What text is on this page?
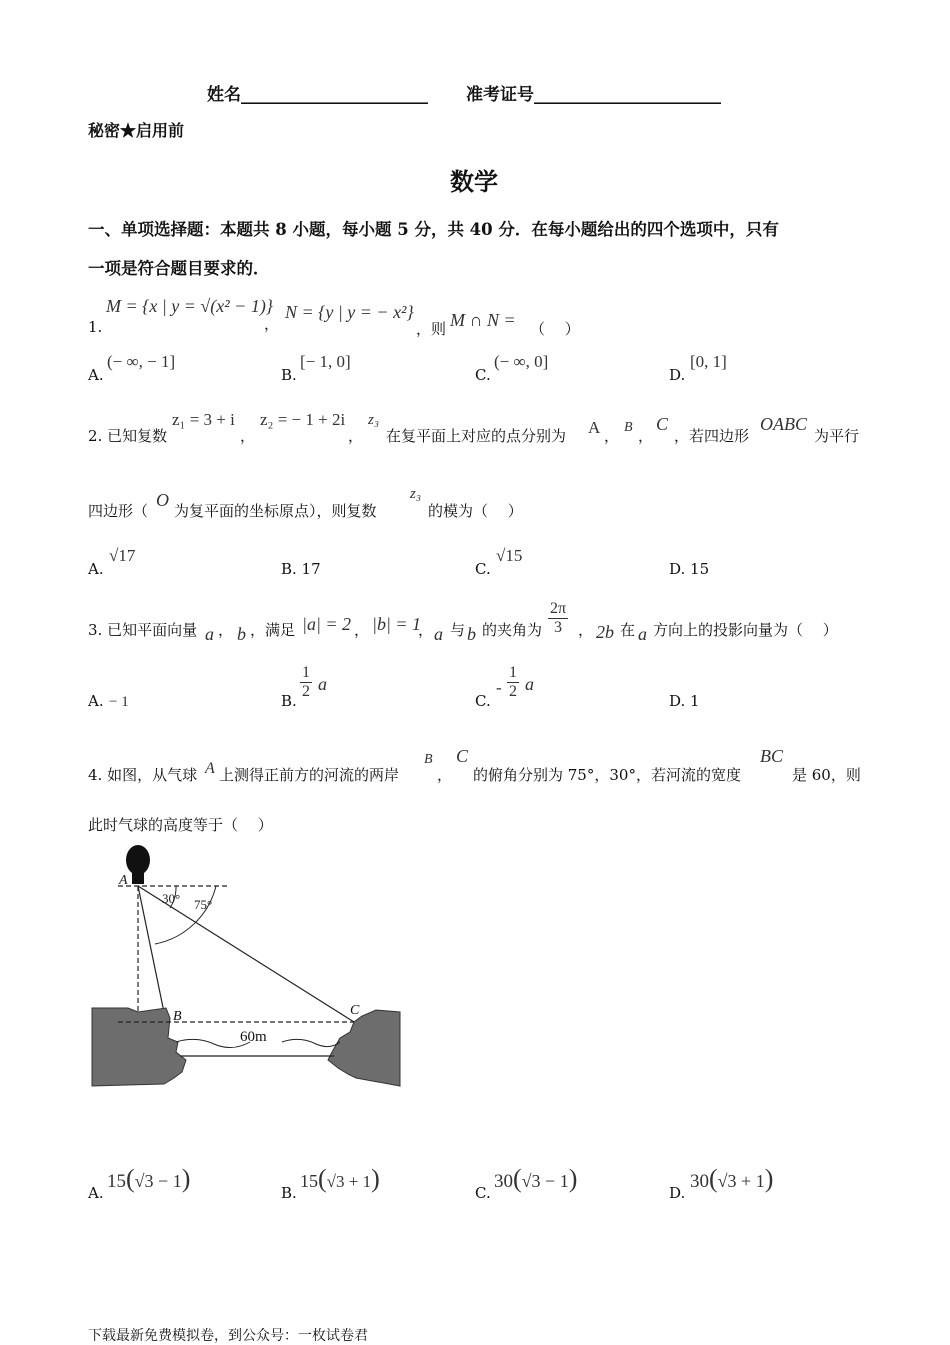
姓名______________________ 准考证号______________________
秘密★启用前
数学
一、单项选择题：本题共 8 小题，每小题 5 分，共 40 分．在每小题给出的四个选项中，只有
一项是符合题目要求的．
1.
M = {x | y = √(x² − 1)}
，
N = {y | y = − x²}
，则 M ∩ N = （　 ）
A.
(− ∞, − 1]
B.
[− 1, 0]
C.
(− ∞, 0]
D.
[0, 1]
2. 已知复数
z₁ = 3 + i
，
z₂ = − 1 + 2i
，
z₃
在复平面上对应的点分别为 A ， B ，
C
，若四边形
OABC
为平行
四边形（
O
为复平面的坐标原点），则复数
z₃
的模为（　 ）
A.
√17
B. 17	C.
√15
D. 15
3. 已知平面向量 a ， b ，满足 |a| = 2 ， |b| = 1
， a 与 b 的夹角为 $\frac{2\pi}{3}$ ， 2b 在 a 方向上的投影向量为（　 ）
A. − 1	B. $\frac{1}{2}$ a
C.
- $\frac{1}{2}$ a
D. 1
4. 如图，从气球 A 上测得正前方的河流的两岸
B
，
C
的俯角分别为 75°，30°，若河流的宽度
BC
是 60，则
此时气球的高度等于（　 ）
30° 75°
A
B	C
60m
A.
15(√3 − 1)	B.
15(√3 + 1)	C.
30(√3 − 1)	D.
30(√3 + 1)
下载最新免费模拟卷，到公众号：一枚试卷君
